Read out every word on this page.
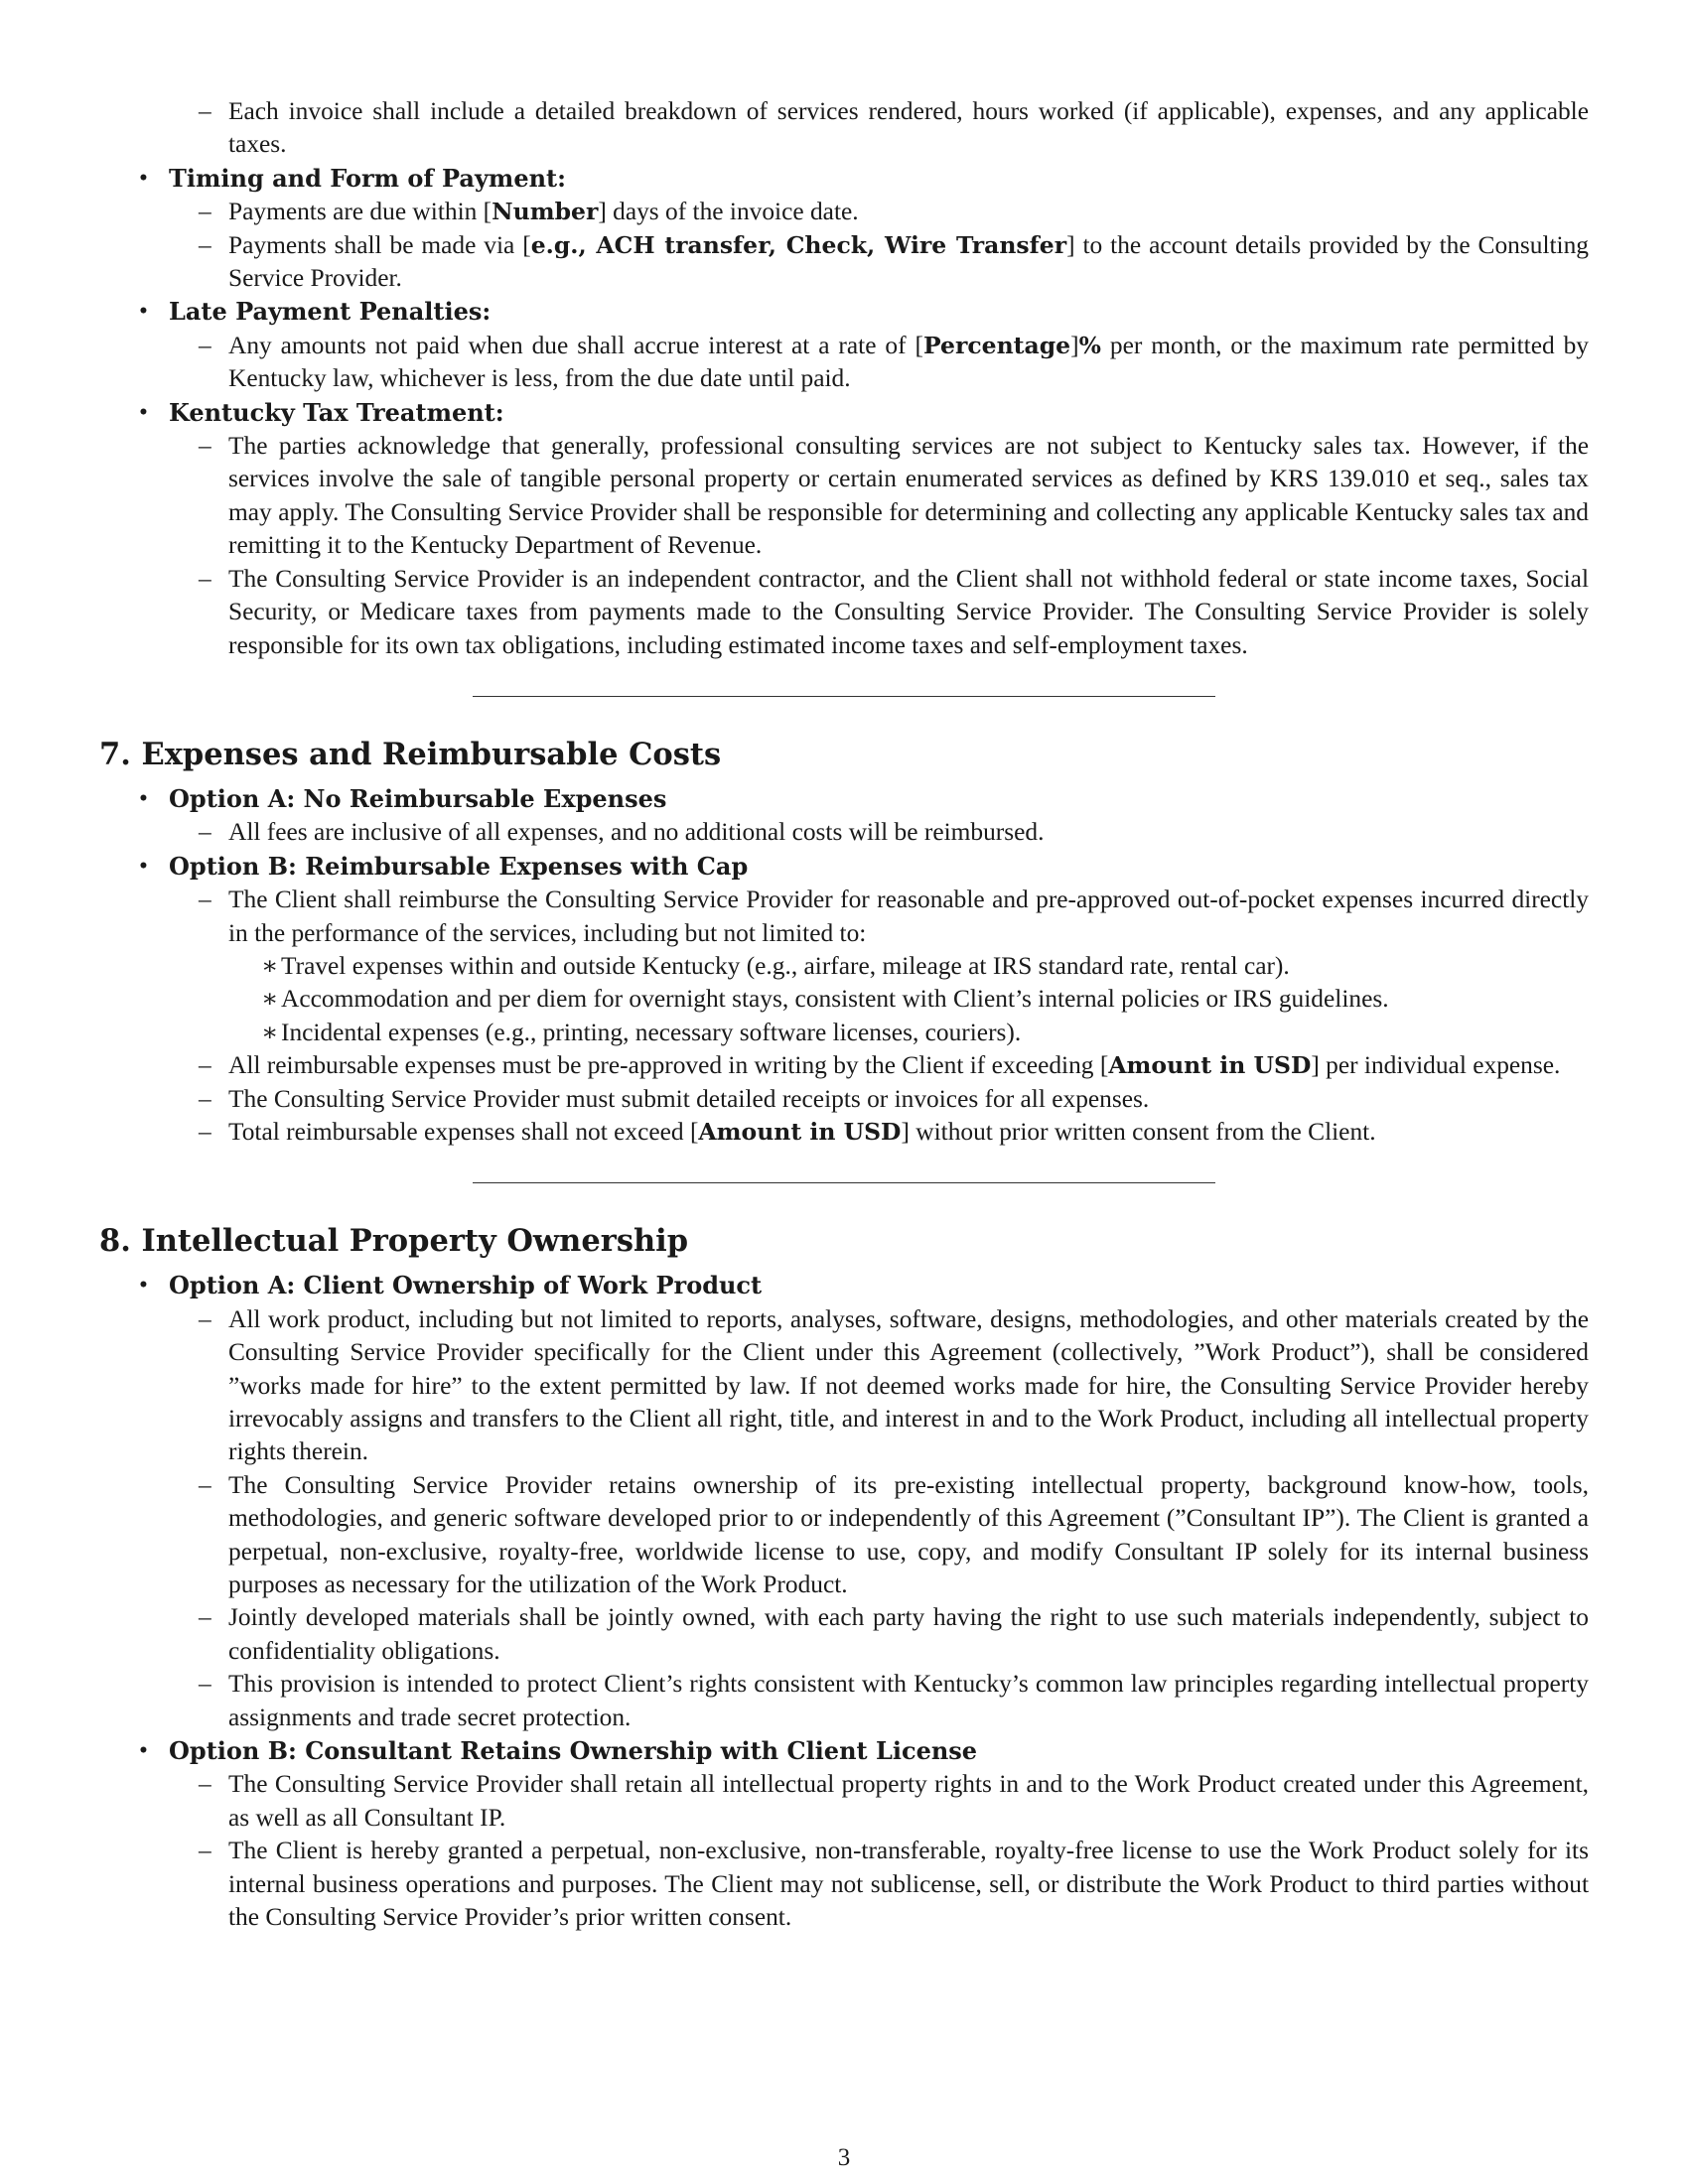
– Each invoice shall include a detailed breakdown of services rendered, hours worked (if applicable), expenses, and any applicable taxes.
• Timing and Form of Payment:
– Payments are due within [Number] days of the invoice date.
– Payments shall be made via [e.g., ACH transfer, Check, Wire Transfer] to the account details provided by the Consulting Service Provider.
• Late Payment Penalties:
– Any amounts not paid when due shall accrue interest at a rate of [Percentage]% per month, or the maximum rate permitted by Kentucky law, whichever is less, from the due date until paid.
• Kentucky Tax Treatment:
– The parties acknowledge that generally, professional consulting services are not subject to Kentucky sales tax. However, if the services involve the sale of tangible personal property or certain enumerated services as defined by KRS 139.010 et seq., sales tax may apply. The Consulting Service Provider shall be responsible for determining and collecting any applicable Kentucky sales tax and remitting it to the Kentucky Department of Revenue.
– The Consulting Service Provider is an independent contractor, and the Client shall not withhold federal or state income taxes, Social Security, or Medicare taxes from payments made to the Consulting Service Provider. The Consulting Service Provider is solely responsible for its own tax obligations, including estimated income taxes and self-employment taxes.
7. Expenses and Reimbursable Costs
• Option A: No Reimbursable Expenses
– All fees are inclusive of all expenses, and no additional costs will be reimbursed.
• Option B: Reimbursable Expenses with Cap
– The Client shall reimburse the Consulting Service Provider for reasonable and pre-approved out-of-pocket expenses incurred directly in the performance of the services, including but not limited to:
∗ Travel expenses within and outside Kentucky (e.g., airfare, mileage at IRS standard rate, rental car).
∗ Accommodation and per diem for overnight stays, consistent with Client’s internal policies or IRS guidelines.
∗ Incidental expenses (e.g., printing, necessary software licenses, couriers).
– All reimbursable expenses must be pre-approved in writing by the Client if exceeding [Amount in USD] per individual expense.
– The Consulting Service Provider must submit detailed receipts or invoices for all expenses.
– Total reimbursable expenses shall not exceed [Amount in USD] without prior written consent from the Client.
8. Intellectual Property Ownership
• Option A: Client Ownership of Work Product
– All work product, including but not limited to reports, analyses, software, designs, methodologies, and other materials created by the Consulting Service Provider specifically for the Client under this Agreement (collectively, ”Work Product”), shall be considered ”works made for hire” to the extent permitted by law. If not deemed works made for hire, the Consulting Service Provider hereby irrevocably assigns and transfers to the Client all right, title, and interest in and to the Work Product, including all intellectual property rights therein.
– The Consulting Service Provider retains ownership of its pre-existing intellectual property, background know-how, tools, methodologies, and generic software developed prior to or independently of this Agreement (”Consultant IP”). The Client is granted a perpetual, non-exclusive, royalty-free, worldwide license to use, copy, and modify Consultant IP solely for its internal business purposes as necessary for the utilization of the Work Product.
– Jointly developed materials shall be jointly owned, with each party having the right to use such materials independently, subject to confidentiality obligations.
– This provision is intended to protect Client’s rights consistent with Kentucky’s common law principles regarding intellectual property assignments and trade secret protection.
• Option B: Consultant Retains Ownership with Client License
– The Consulting Service Provider shall retain all intellectual property rights in and to the Work Product created under this Agreement, as well as all Consultant IP.
– The Client is hereby granted a perpetual, non-exclusive, non-transferable, royalty-free license to use the Work Product solely for its internal business operations and purposes. The Client may not sublicense, sell, or distribute the Work Product to third parties without the Consulting Service Provider’s prior written consent.
3
